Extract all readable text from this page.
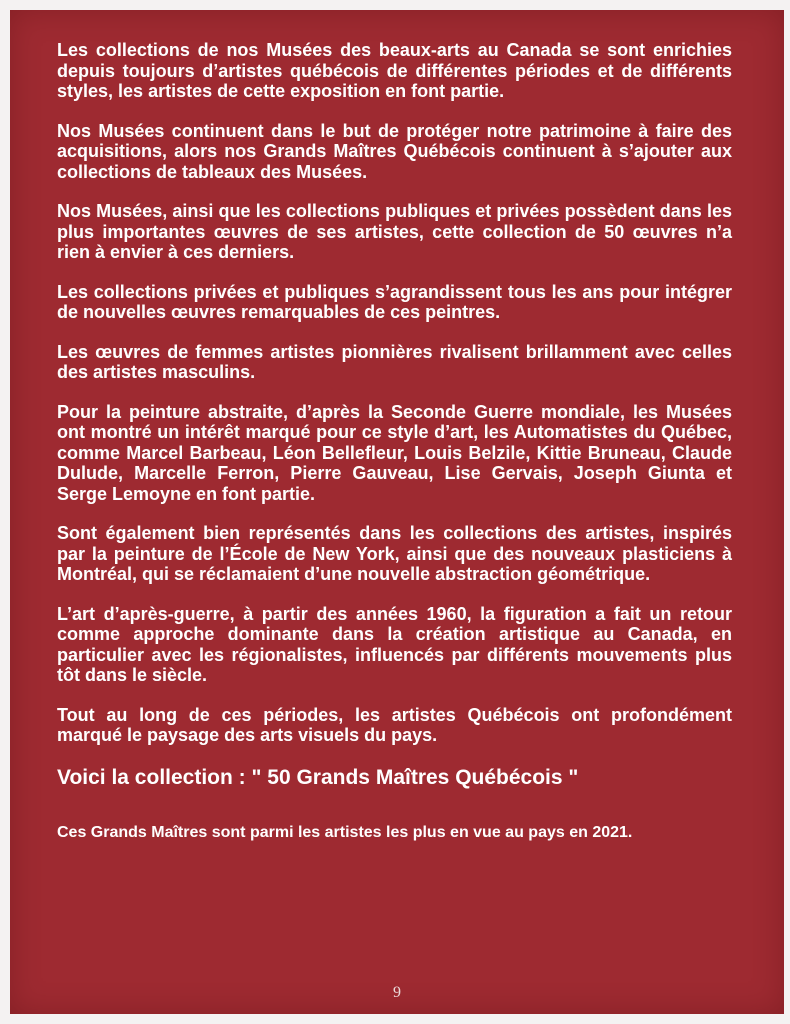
Les collections de nos Musées des beaux-arts au Canada se sont enrichies depuis toujours d’artistes québécois de différentes périodes et de différents styles, les artistes de cette exposition en font partie.

Nos Musées continuent dans le but de protéger notre patrimoine à faire des acquisitions, alors nos Grands Maîtres Québécois continuent à s’ajouter aux collections de tableaux des Musées.

Nos Musées, ainsi que les collections publiques et privées possèdent dans les plus importantes œuvres de ses artistes, cette collection de 50 œuvres n’a rien à envier à ces derniers.

Les collections privées et publiques s’agrandissent tous les ans pour intégrer de nouvelles œuvres remarquables de ces peintres.

Les œuvres de femmes artistes pionnières rivalisent brillamment avec celles des artistes masculins.

Pour la peinture abstraite, d’après la Seconde Guerre mondiale, les Musées ont montré un intérêt marqué pour ce style d’art, les Automatistes du Québec, comme Marcel Barbeau, Léon Bellefleur, Louis Belzile, Kittie Bruneau, Claude Dulude, Marcelle Ferron, Pierre Gauveau, Lise Gervais, Joseph Giunta et Serge Lemoyne en font partie.

Sont également bien représentés dans les collections des artistes, inspirés par la peinture de l’École de New York, ainsi que des nouveaux plasticiens à Montréal, qui se réclamaient d’une nouvelle abstraction géométrique.

L’art d’après-guerre, à partir des années 1960, la figuration a fait un retour comme approche dominante dans la création artistique au Canada, en particulier avec les régionalistes, influencés par différents mouvements plus tôt dans le siècle.

Tout au long de ces périodes, les artistes Québécois ont profondément marqué le paysage des arts visuels du pays.

Voici la collection : " 50 Grands Maîtres Québécois "
Ces Grands Maîtres sont parmi les artistes les plus en vue au pays en 2021.
9
